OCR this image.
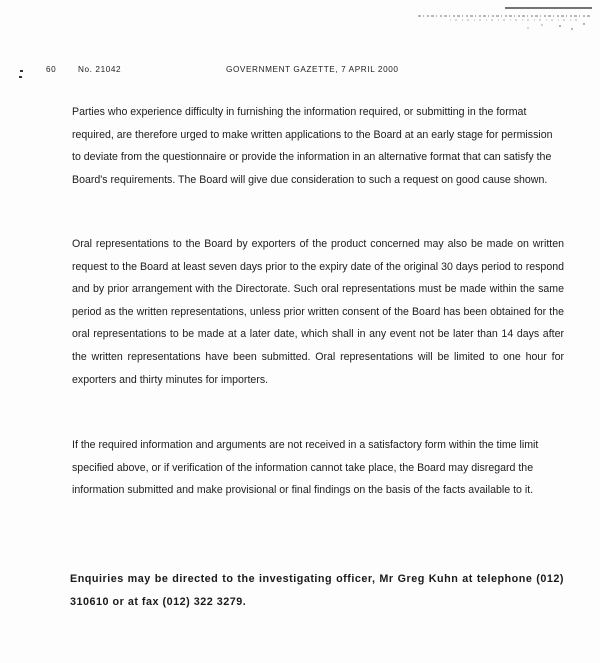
60	No. 21042	GOVERNMENT GAZETTE, 7 APRIL 2000

Parties who experience difficulty in furnishing the information required, or submitting in the format required, are therefore urged to make written applications to the Board at an early stage for permission to deviate from the questionnaire or provide the information in an alternative format that can satisfy the Board's requirements. The Board will give due consideration to such a request on good cause shown.

Oral representations to the Board by exporters of the product concerned may also be made on written request to the Board at least seven days prior to the expiry date of the original 30 days period to respond and by prior arrangement with the Directorate. Such oral representations must be made within the same period as the written representations, unless prior written consent of the Board has been obtained for the oral representations to be made at a later date, which shall in any event not be later than 14 days after the written representations have been submitted. Oral representations will be limited to one hour for exporters and thirty minutes for importers.

If the required information and arguments are not received in a satisfactory form within the time limit specified above, or if verification of the information cannot take place, the Board may disregard the information submitted and make provisional or final findings on the basis of the facts available to it.

Enquiries may be directed to the investigating officer, Mr Greg Kuhn at telephone (012) 310610 or at fax (012) 322 3279.
